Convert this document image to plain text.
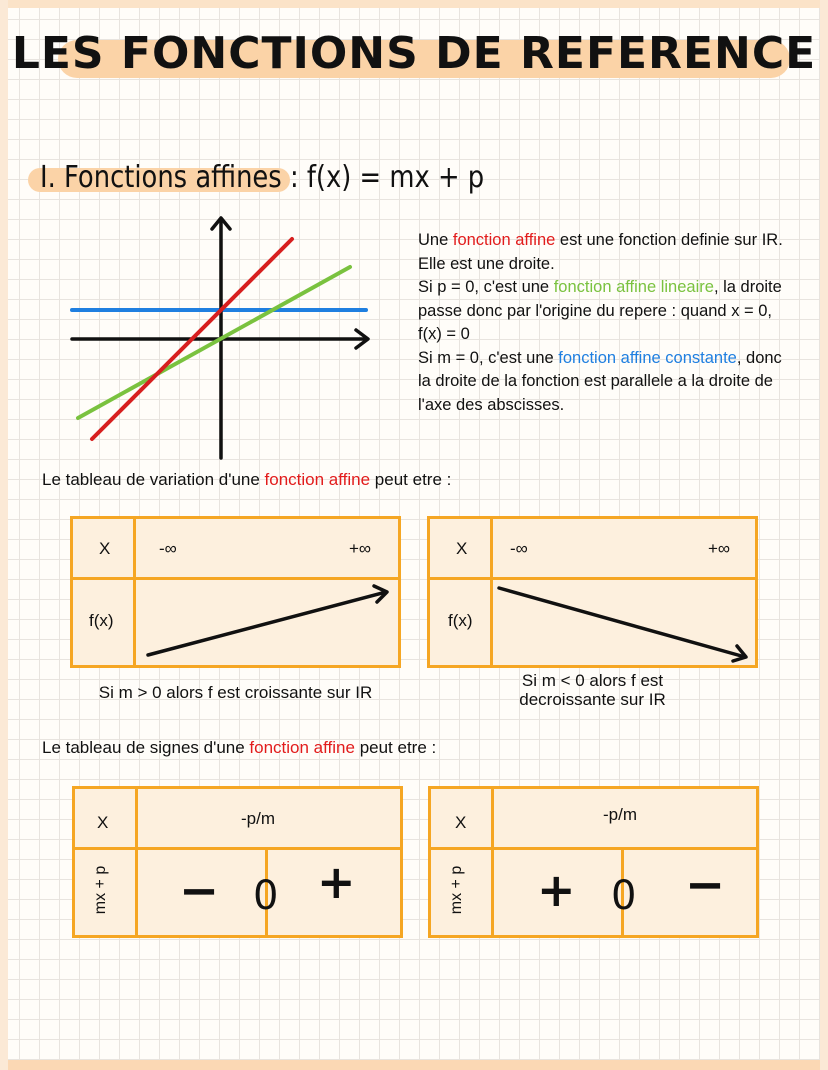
LES FONCTIONS DE REFERENCE
I. Fonctions affines : f(x) = mx + p

Une fonction affine est une fonction definie sur IR. Elle est une droite.

Si p = 0, c'est une fonction affine lineaire, la droite passe donc par l'origine du repere : quand x = 0, f(x) = 0

Si m = 0, c'est une fonction affine constante, donc la droite de la fonction est parallele a la droite de l'axe des abscisses.

Le tableau de variation d'une fonction affine peut etre :
X	-∞	+∞
f(x)
Si m > 0 alors f est croissante sur IR
X	-∞	+∞
f(x)
Si m < 0 alors f est
decroissante sur IR
Le tableau de signes d'une fonction affine peut etre :
X	-p/m
mx + p − 0 +
X	-p/m
mx + p + 0 −
